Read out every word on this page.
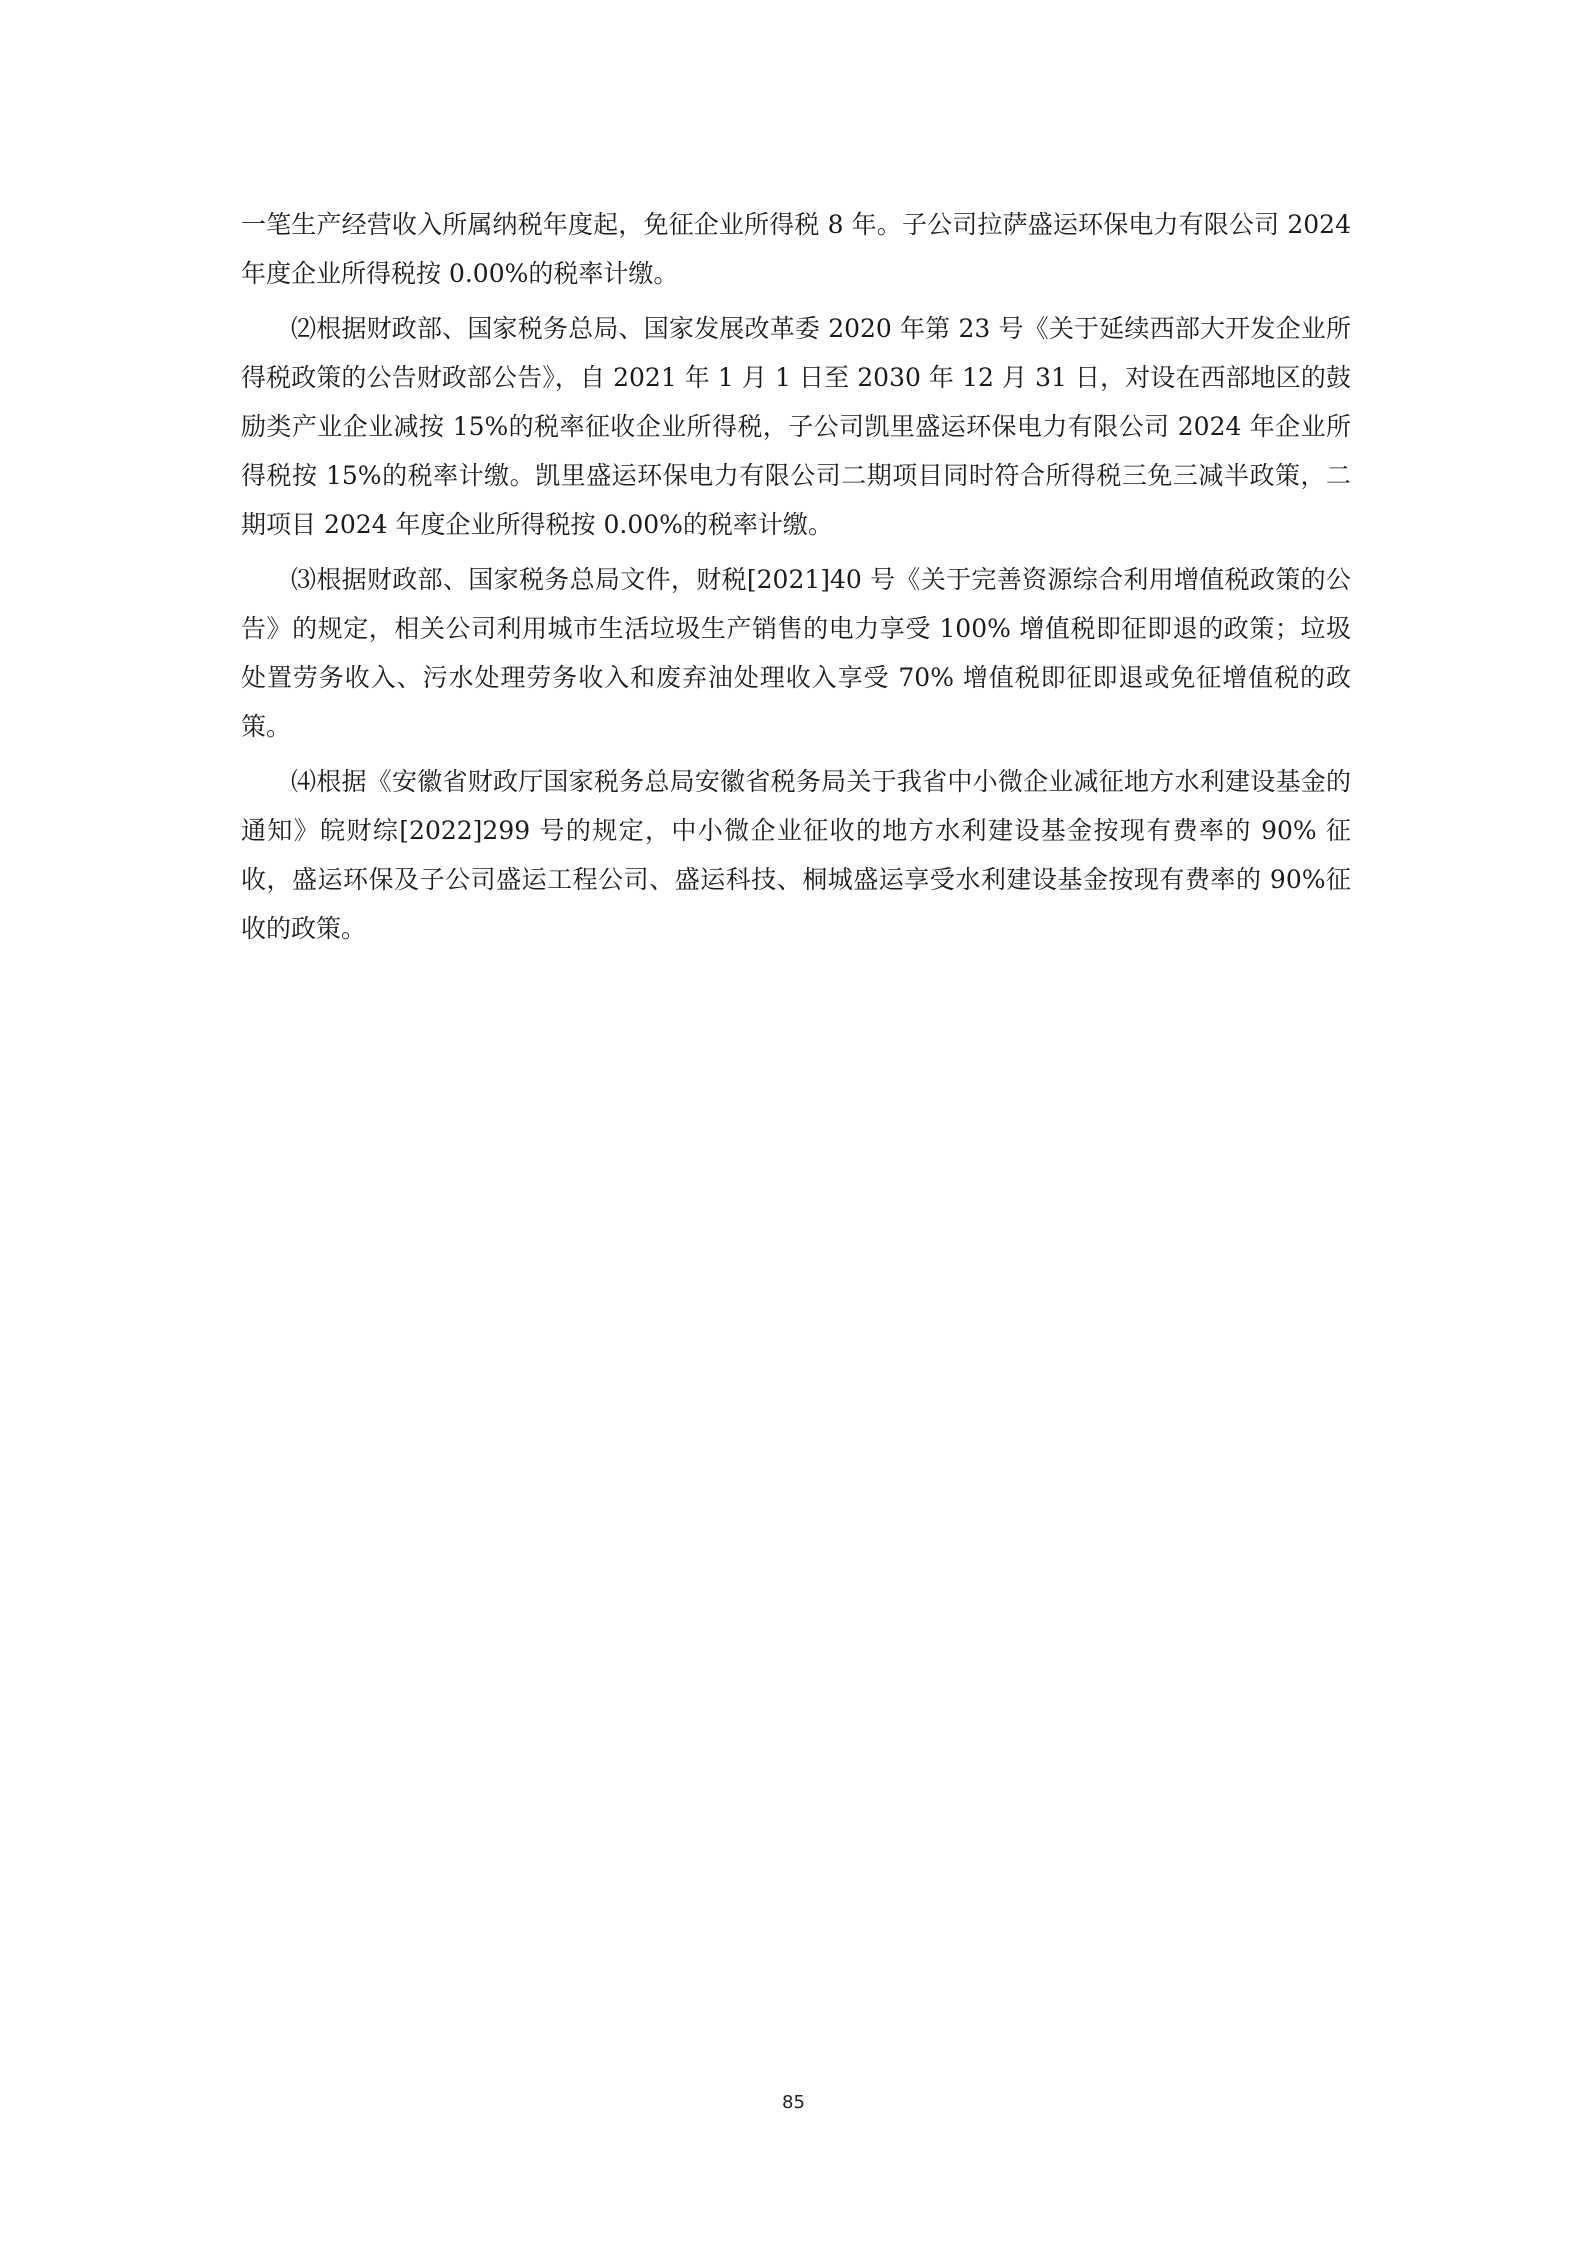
一笔生产经营收入所属纳税年度起，免征企业所得税 8 年。子公司拉萨盛运环保电力有限公司 2024 年度企业所得税按 0.00%的税率计缴。

⑵根据财政部、国家税务总局、国家发展改革委 2020 年第 23 号《关于延续西部大开发企业所得税政策的公告财政部公告》，自 2021 年 1 月 1 日至 2030 年 12 月 31 日，对设在西部地区的鼓励类产业企业减按 15%的税率征收企业所得税，子公司凯里盛运环保电力有限公司 2024 年企业所得税按 15%的税率计缴。凯里盛运环保电力有限公司二期项目同时符合所得税三免三减半政策，二期项目 2024 年度企业所得税按 0.00%的税率计缴。

⑶根据财政部、国家税务总局文件，财税[2021]40 号《关于完善资源综合利用增值税政策的公告》的规定，相关公司利用城市生活垃圾生产销售的电力享受 100% 增值税即征即退的政策；垃圾处置劳务收入、污水处理劳务收入和废弃油处理收入享受 70% 增值税即征即退或免征增值税的政策。

⑷根据《安徽省财政厅国家税务总局安徽省税务局关于我省中小微企业减征地方水利建设基金的通知》皖财综[2022]299 号的规定，中小微企业征收的地方水利建设基金按现有费率的 90% 征收，盛运环保及子公司盛运工程公司、盛运科技、桐城盛运享受水利建设基金按现有费率的 90%征收的政策。

85
